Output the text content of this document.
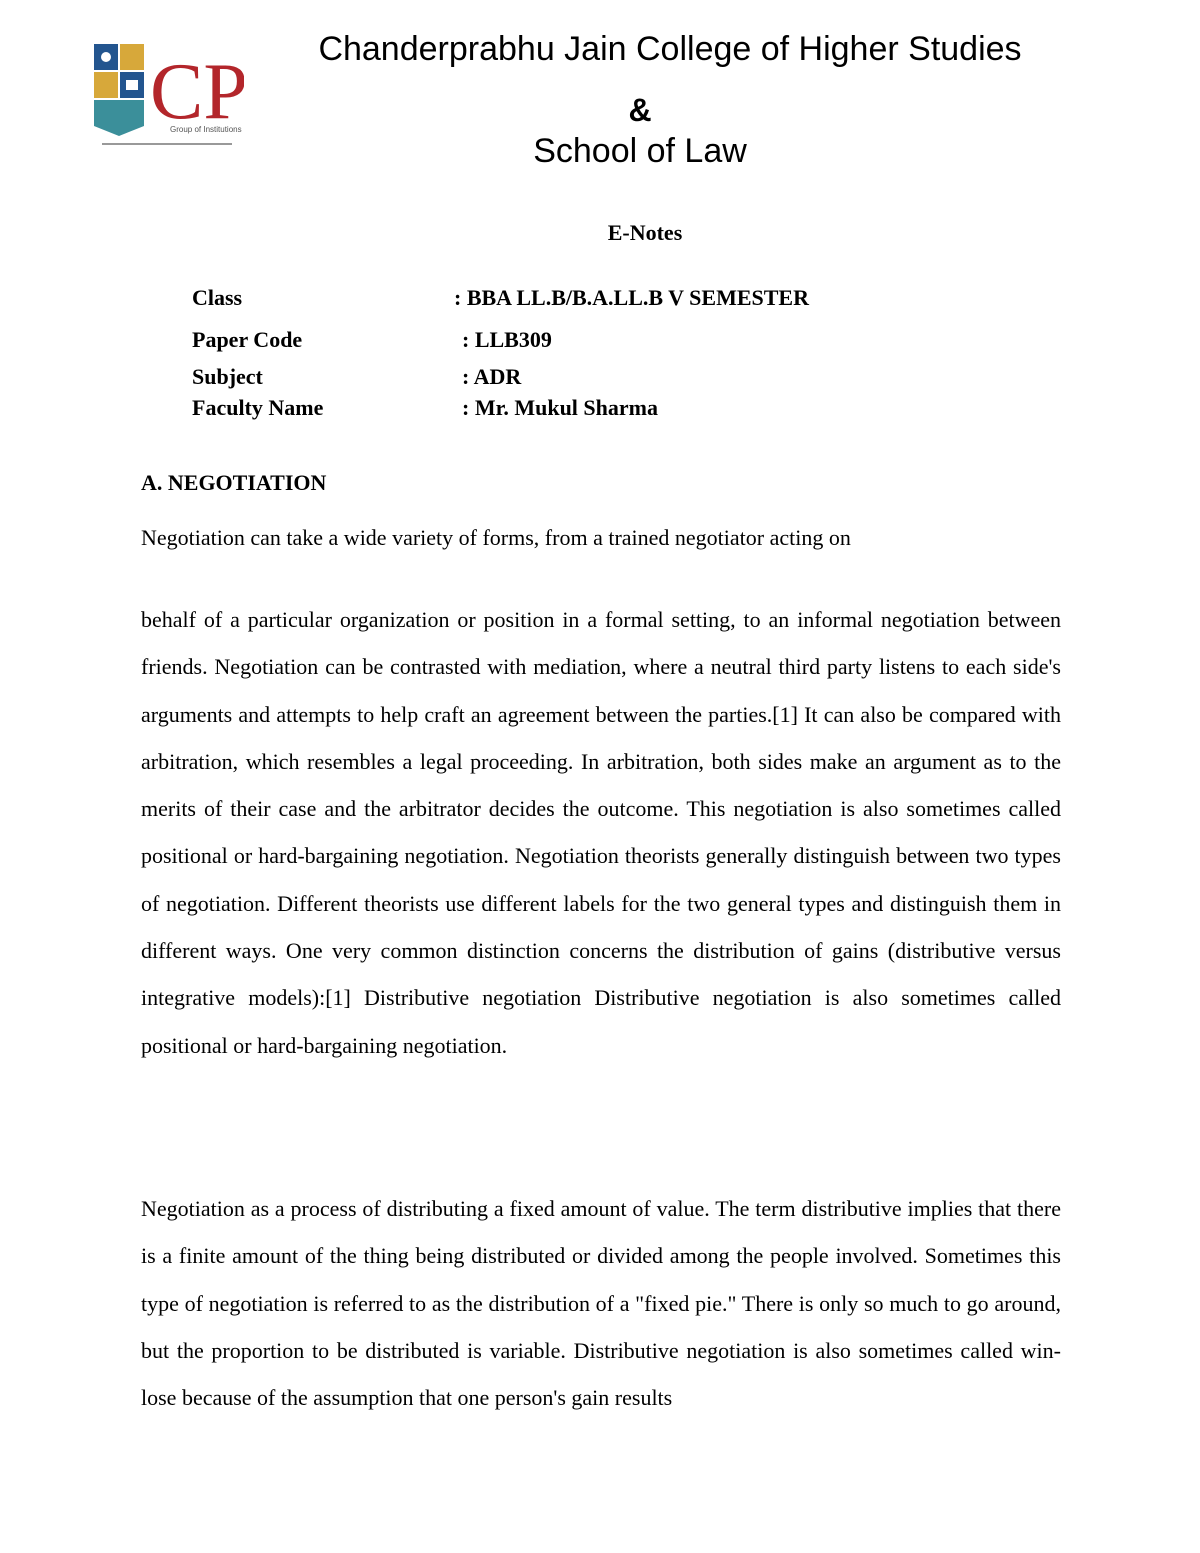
CP
Group of Institutions
Chanderprabhu Jain College of Higher Studies
&
School of Law
E-Notes
Class	: BBA LL.B/B.A.LL.B V SEMESTER
Paper Code	: LLB309
Subject	: ADR
Faculty Name	: Mr. Mukul Sharma
A. NEGOTIATION
Negotiation can take a wide variety of forms, from a trained negotiator acting on
behalf of a particular organization or position in a formal setting, to an informal negotiation between friends. Negotiation can be contrasted with mediation, where a neutral third party listens to each side's arguments and attempts to help craft an agreement between the parties.[1] It can also be compared with arbitration, which resembles a legal proceeding. In arbitration, both sides make an argument as to the merits of their case and the arbitrator decides the outcome. This negotiation is also sometimes called positional or hard-bargaining negotiation. Negotiation theorists generally distinguish between two types of negotiation. Different theorists use different labels for the two general types and distinguish them in different ways. One very common distinction concerns the distribution of gains (distributive versus integrative models):[1] Distributive negotiation Distributive negotiation is also sometimes called positional or hard-bargaining negotiation.
Negotiation as a process of distributing a fixed amount of value. The term distributive implies that there is a finite amount of the thing being distributed or divided among the people involved. Sometimes this type of negotiation is referred to as the distribution of a "fixed pie." There is only so much to go around, but the proportion to be distributed is variable. Distributive negotiation is also sometimes called win-lose because of the assumption that one person's gain results
